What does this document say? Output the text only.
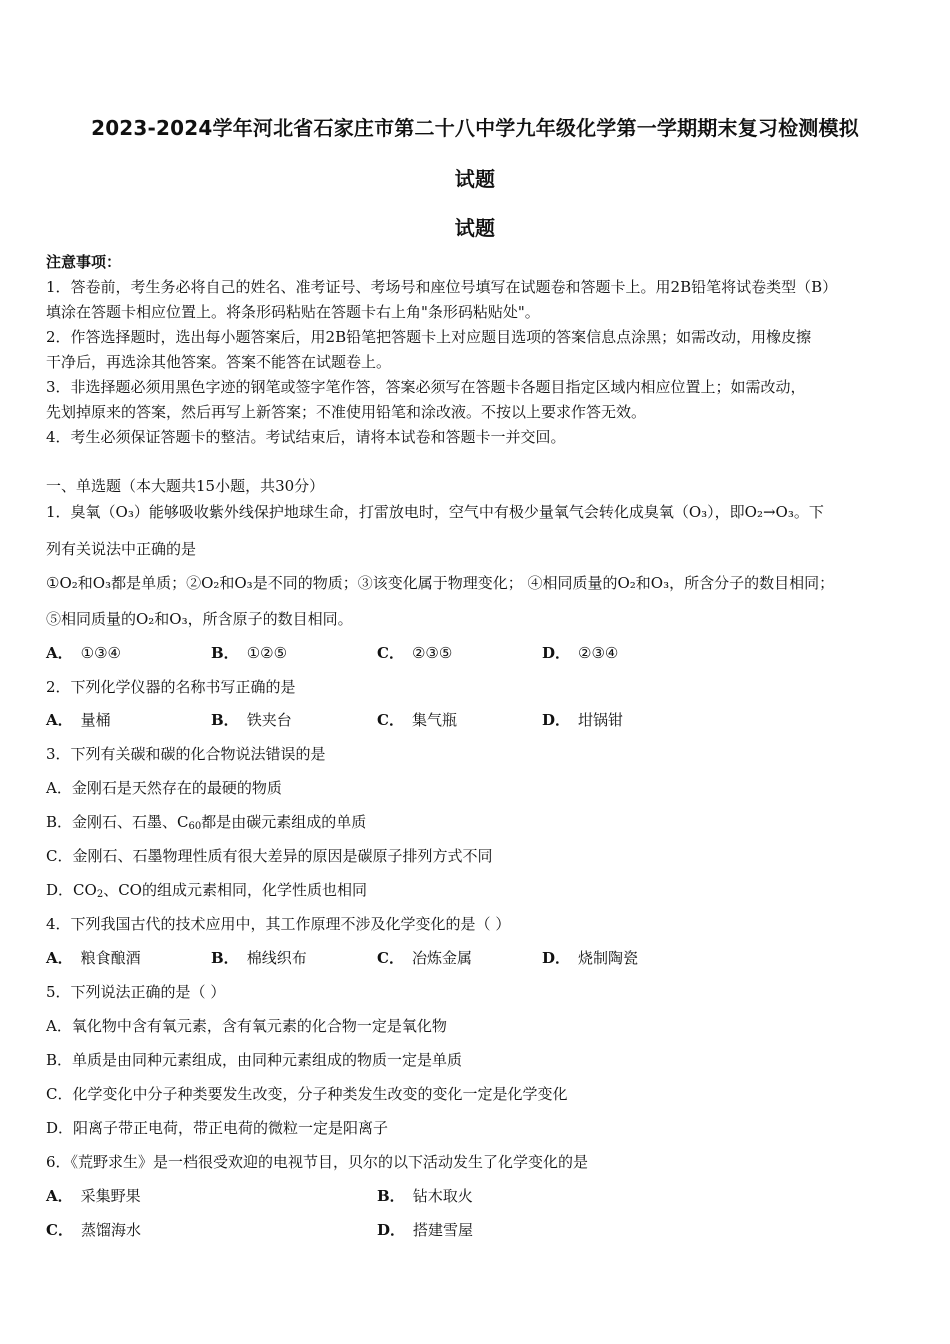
2023-2024学年河北省石家庄市第二十八中学九年级化学第一学期期末复习检测模拟
试题
试题
注意事项：
1．答卷前，考生务必将自己的姓名、准考证号、考场号和座位号填写在试题卷和答题卡上。用2B铅笔将试卷类型（B）
填涂在答题卡相应位置上。将条形码粘贴在答题卡右上角"条形码粘贴处"。
2．作答选择题时，选出每小题答案后，用2B铅笔把答题卡上对应题目选项的答案信息点涂黑；如需改动，用橡皮擦
干净后，再选涂其他答案。答案不能答在试题卷上。
3．非选择题必须用黑色字迹的钢笔或签字笔作答，答案必须写在答题卡各题目指定区域内相应位置上；如需改动，
先划掉原来的答案，然后再写上新答案；不准使用铅笔和涂改液。不按以上要求作答无效。
4．考生必须保证答题卡的整洁。考试结束后，请将本试卷和答题卡一并交回。
一、单选题（本大题共15小题，共30分）
1．臭氧（O₃）能够吸收紫外线保护地球生命，打雷放电时，空气中有极少量氧气会转化成臭氧（O₃），即O₂→O₃。下
列有关说法中正确的是
①O₂和O₃都是单质；②O₂和O₃是不同的物质；③该变化属于物理变化； ④相同质量的O₂和O₃，所含分子的数目相同；
⑤相同质量的O₂和O₃，所含原子的数目相同。
A． ①③④	B． ①②⑤	C． ②③⑤	D． ②③④
2．下列化学仪器的名称书写正确的是
A． 量桶	B． 铁夹台	C． 集气瓶	D． 坩锅钳
3．下列有关碳和碳的化合物说法错误的是
A．金刚石是天然存在的最硬的物质
B．金刚石、石墨、$C_{60}$都是由碳元素组成的单质
C．金刚石、石墨物理性质有很大差异的原因是碳原子排列方式不同
D．$CO_2$、CO的组成元素相同，化学性质也相同
4．下列我国古代的技术应用中，其工作原理不涉及化学变化的是（ ）
A． 粮食酿酒	B． 棉线织布	C． 冶炼金属	D． 烧制陶瓷
5．下列说法正确的是（ ）
A．氧化物中含有氧元素，含有氧元素的化合物一定是氧化物
B．单质是由同种元素组成，由同种元素组成的物质一定是单质
C．化学变化中分子种类要发生改变，分子种类发生改变的变化一定是化学变化
D．阳离子带正电荷，带正电荷的微粒一定是阳离子
6．《荒野求生》是一档很受欢迎的电视节目，贝尔的以下活动发生了化学变化的是
A． 采集野果	B． 钻木取火
C． 蒸馏海水	D． 搭建雪屋
